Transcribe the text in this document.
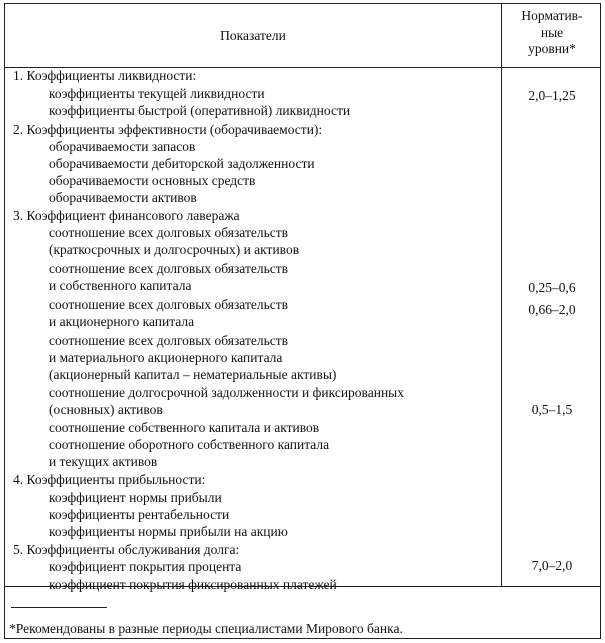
Показатели
Норматив-
ные
уровни*
1. Коэффициенты ликвидности:
коэффициенты текущей ликвидности
коэффициенты быстрой (оперативной) ликвидности
2. Коэффициенты эффективности (оборачиваемости):
оборачиваемости запасов
оборачиваемости дебиторской задолженности
оборачиваемости основных средств
оборачиваемости активов
3. Коэффициент финансового лавеража
соотношение всех долговых обязательств
(краткосрочных и долгосрочных) и активов
соотношение всех долговых обязательств
и собственного капитала
соотношение всех долговых обязательств
и акционерного капитала
соотношение всех долговых обязательств
и материального акционерного капитала
(акционерный капитал – нематериальные активы)
соотношение долгосрочной задолженности и фиксированных
(основных) активов
соотношение собственного капитала и активов
соотношение оборотного собственного капитала
и текущих активов
4. Коэффициенты прибыльности:
коэффициент нормы прибыли
коэффициенты рентабельности
коэффициенты нормы прибыли на акцию
5. Коэффициенты обслуживания долга:
коэффициент покрытия процента
коэффициент покрытия фиксированных платежей
2,0–1,25
0,25–0,6
0,66–2,0
0,5–1,5
7,0–2,0
*Рекомендованы в разные периоды специалистами Мирового банка.
